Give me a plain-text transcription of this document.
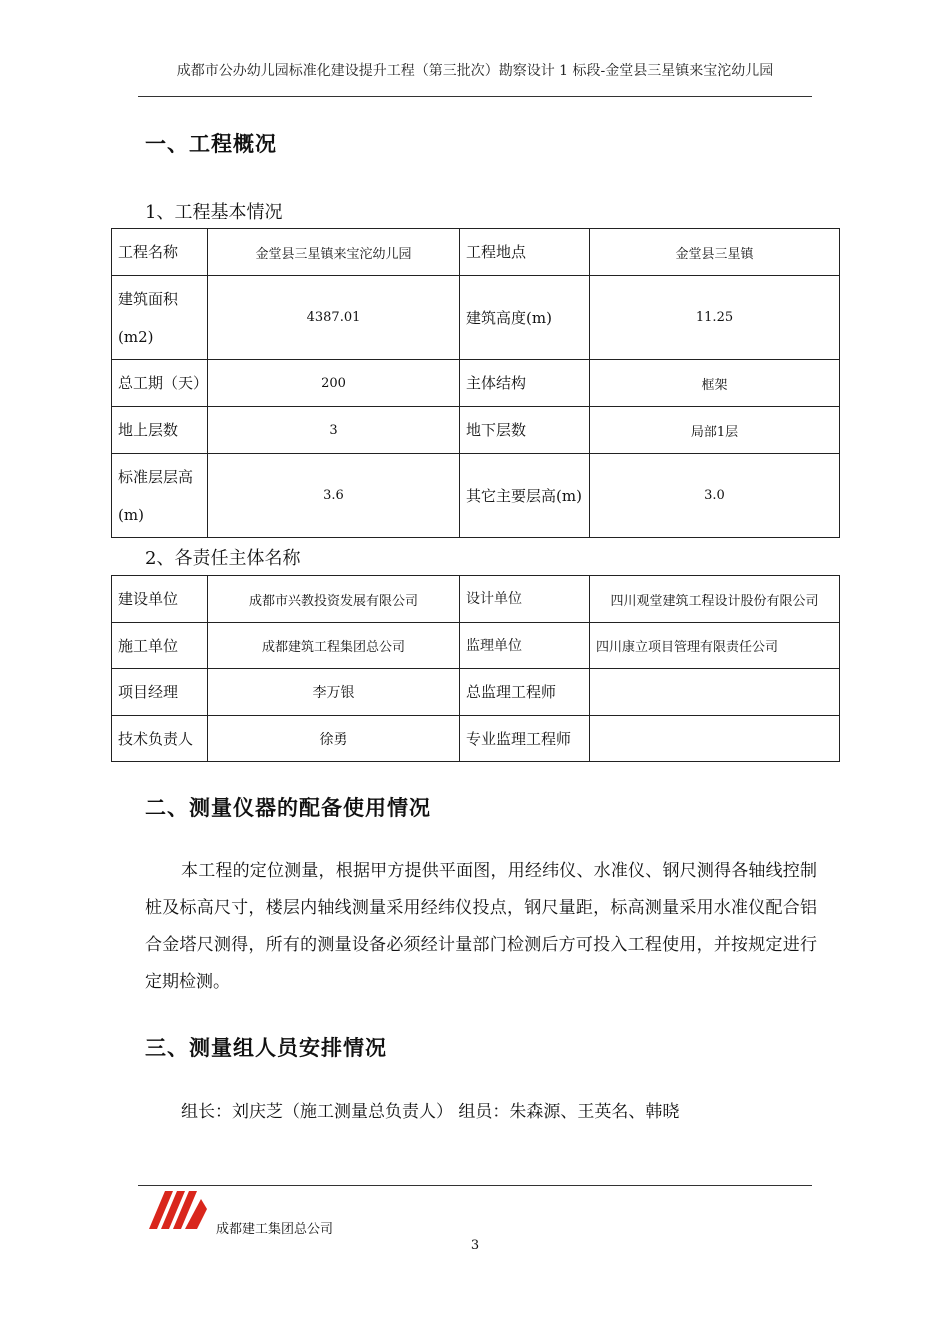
成都市公办幼儿园标准化建设提升工程（第三批次）勘察设计 1 标段-金堂县三星镇来宝沱幼儿园
一、工程概况
1、工程基本情况
工程名称	金堂县三星镇来宝沱幼儿园	工程地点	金堂县三星镇

建筑面积
(m2)	4387.01	建筑高度(m)	11.25
总工期（天）	200	主体结构	框架
地上层数	3	地下层数	局部1层

标准层层高
(m)	3.6	其它主要层高(m)	3.0
2、各责任主体名称
建设单位	成都市兴教投资发展有限公司	设计单位	四川观堂建筑工程设计股份有限公司
施工单位	成都建筑工程集团总公司	监理单位	四川康立项目管理有限责任公司
项目经理	李万银	总监理工程师	
技术负责人	徐勇	专业监理工程师	
二、测量仪器的配备使用情况
本工程的定位测量，根据甲方提供平面图，用经纬仪、水准仪、钢尺测得各轴线控制桩及标高尺寸，楼层内轴线测量采用经纬仪投点，钢尺量距，标高测量采用水准仪配合铝合金塔尺测得，所有的测量设备必须经计量部门检测后方可投入工程使用，并按规定进行定期检测。
三、测量组人员安排情况
组长：刘庆芝（施工测量总负责人） 组员：朱森源、王英名、韩晓
成都建工集团总公司
3
